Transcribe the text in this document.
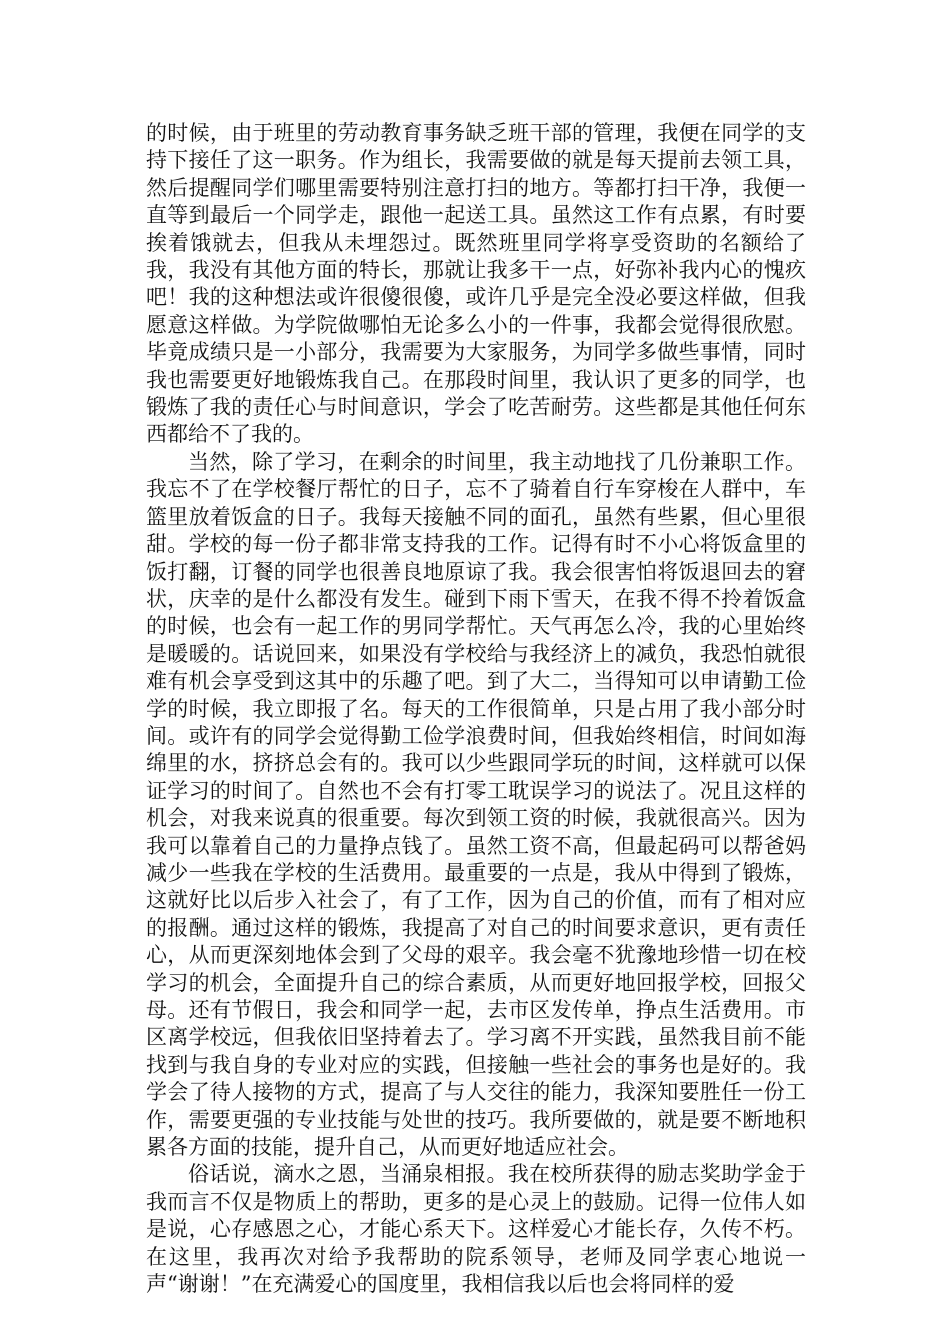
的时候，由于班里的劳动教育事务缺乏班干部的管理，我便在同学的支持下接任了这一职务。作为组长，我需要做的就是每天提前去领工具，然后提醒同学们哪里需要特别注意打扫的地方。等都打扫干净，我便一直等到最后一个同学走，跟他一起送工具。虽然这工作有点累，有时要挨着饿就去，但我从未埋怨过。既然班里同学将享受资助的名额给了我，我没有其他方面的特长，那就让我多干一点，好弥补我内心的愧疚吧！我的这种想法或许很傻很傻，或许几乎是完全没必要这样做，但我愿意这样做。为学院做哪怕无论多么小的一件事，我都会觉得很欣慰。毕竟成绩只是一小部分，我需要为大家服务，为同学多做些事情，同时我也需要更好地锻炼我自己。在那段时间里，我认识了更多的同学，也锻炼了我的责任心与时间意识，学会了吃苦耐劳。这些都是其他任何东西都给不了我的。

当然，除了学习，在剩余的时间里，我主动地找了几份兼职工作。我忘不了在学校餐厅帮忙的日子，忘不了骑着自行车穿梭在人群中，车篮里放着饭盒的日子。我每天接触不同的面孔，虽然有些累，但心里很甜。学校的每一份子都非常支持我的工作。记得有时不小心将饭盒里的饭打翻，订餐的同学也很善良地原谅了我。我会很害怕将饭退回去的窘状，庆幸的是什么都没有发生。碰到下雨下雪天，在我不得不拎着饭盒的时候，也会有一起工作的男同学帮忙。天气再怎么冷，我的心里始终是暖暖的。话说回来，如果没有学校给与我经济上的减负，我恐怕就很难有机会享受到这其中的乐趣了吧。到了大二，当得知可以申请勤工俭学的时候，我立即报了名。每天的工作很简单，只是占用了我小部分时间。或许有的同学会觉得勤工俭学浪费时间，但我始终相信，时间如海绵里的水，挤挤总会有的。我可以少些跟同学玩的时间，这样就可以保证学习的时间了。自然也不会有打零工耽误学习的说法了。况且这样的机会，对我来说真的很重要。每次到领工资的时候，我就很高兴。因为我可以靠着自己的力量挣点钱了。虽然工资不高，但最起码可以帮爸妈减少一些我在学校的生活费用。最重要的一点是，我从中得到了锻炼，这就好比以后步入社会了，有了工作，因为自己的价值，而有了相对应的报酬。通过这样的锻炼，我提高了对自己的时间要求意识，更有责任心，从而更深刻地体会到了父母的艰辛。我会毫不犹豫地珍惜一切在校学习的机会，全面提升自己的综合素质，从而更好地回报学校，回报父母。还有节假日，我会和同学一起，去市区发传单，挣点生活费用。市区离学校远，但我依旧坚持着去了。学习离不开实践，虽然我目前不能找到与我自身的专业对应的实践，但接触一些社会的事务也是好的。我学会了待人接物的方式，提高了与人交往的能力，我深知要胜任一份工作，需要更强的专业技能与处世的技巧。我所要做的，就是要不断地积累各方面的技能，提升自己，从而更好地适应社会。

俗话说，滴水之恩，当涌泉相报。我在校所获得的励志奖助学金于我而言不仅是物质上的帮助，更多的是心灵上的鼓励。记得一位伟人如是说，心存感恩之心，才能心系天下。这样爱心才能长存，久传不朽。在这里，我再次对给予我帮助的院系领导，老师及同学衷心地说一声“谢谢！”在充满爱心的国度里，我相信我以后也会将同样的爱
